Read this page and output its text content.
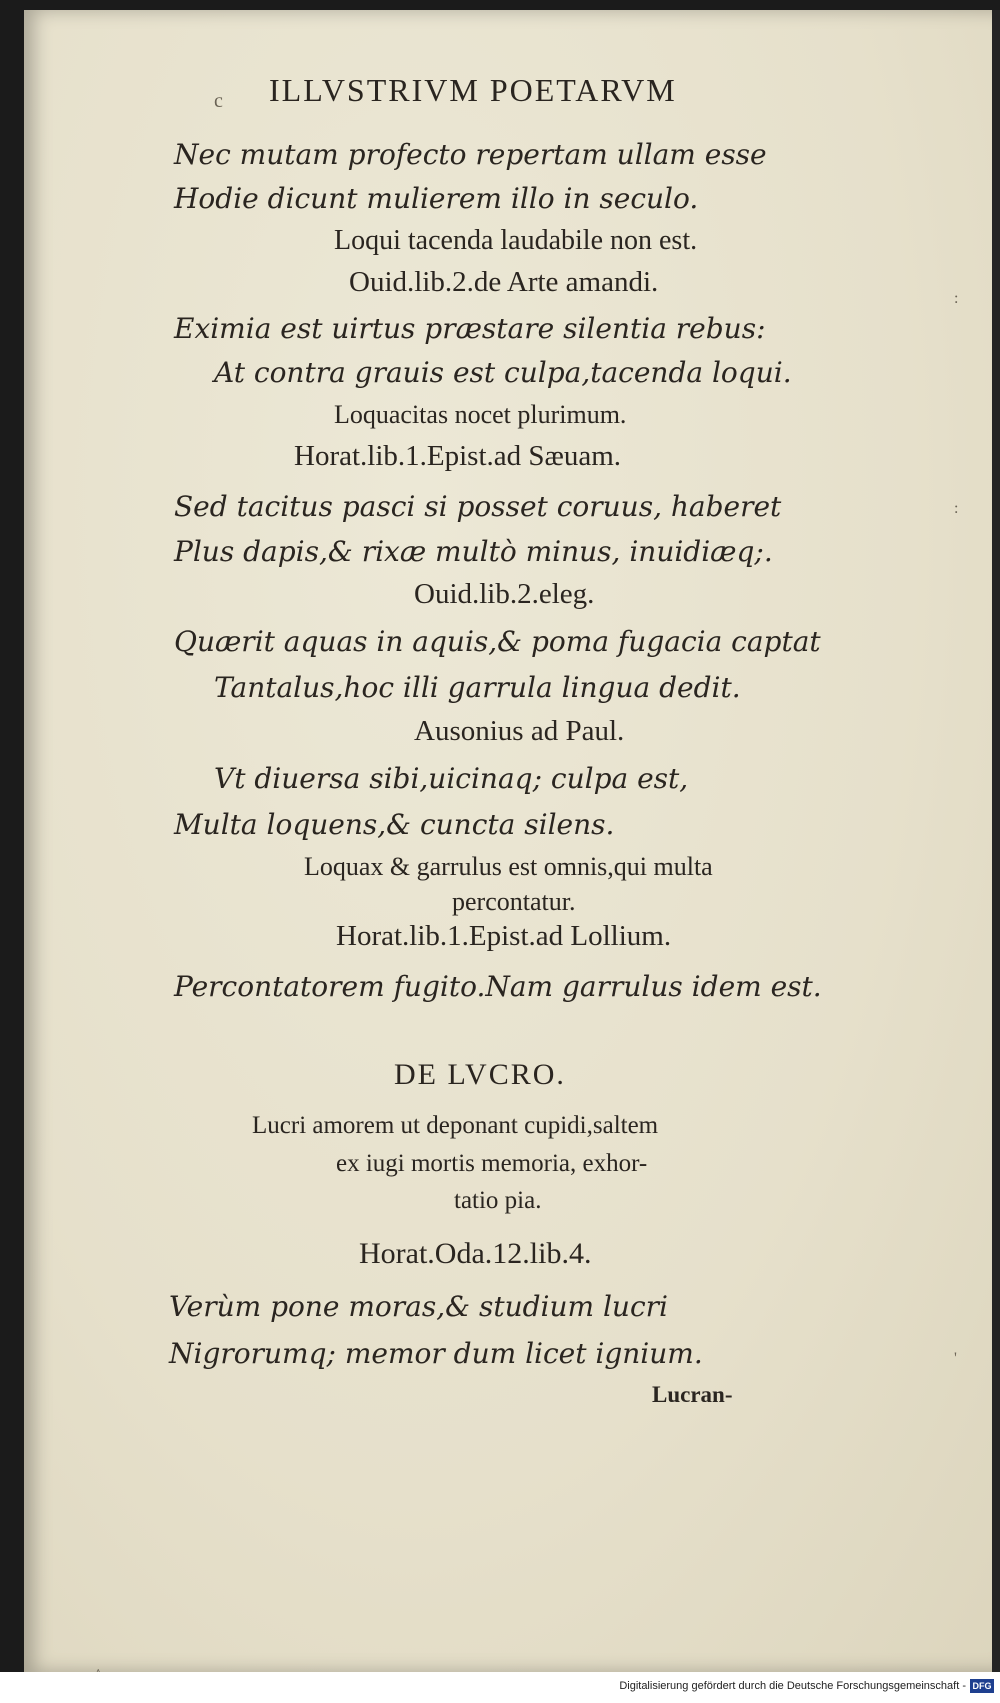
ILLVSTRIVM POETARVM
Nec mutam profecto repertam ullam esse
Hodie dicunt mulierem illo in seculo.
Loqui tacenda laudabile non est.
Ouid.lib.2.de Arte amandi.
Eximia est uirtus præstare silentia rebus:
At contra grauis est culpa,tacenda loqui.
Loquacitas nocet plurimum.
Horat.lib.1.Epist.ad Sæuam.
Sed tacitus pasci si posset coruus, haberet
Plus dapis,& rixæ multò minus, inuidiæq;.
Ouid.lib.2.eleg.
Quærit aquas in aquis,& poma fugacia captat
Tantalus,hoc illi garrula lingua dedit.
Ausonius ad Paul.
Vt diuersa sibi,uicinaq; culpa est,
Multa loquens,& cuncta silens.
Loquax & garrulus est omnis,qui multa
percontatur.
Horat.lib.1.Epist.ad Lollium.
Percontatorem fugito.Nam garrulus idem est.
DE LVCRO.
Lucri amorem ut deponant cupidi,saltem
ex iugi mortis memoria, exhor-
tatio pia.
Horat.Oda.12.lib.4.
Verùm pone moras,& studium lucri
Nigrorumq; memor dum licet ignium.
Lucran-
c
:
:
'
Digitalisierung gefördert durch die Deutsche Forschungsgemeinschaft - DFG
